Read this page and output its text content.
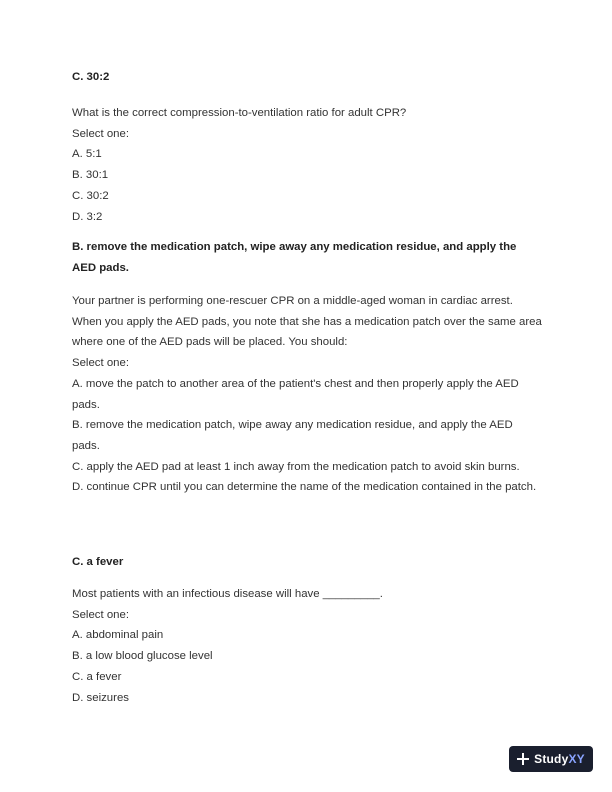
C. 30:2

What is the correct compression-to-ventilation ratio for adult CPR?

Select one:

A. 5:1

B. 30:1

C. 30:2

D. 3:2

B. remove the medication patch, wipe away any medication residue, and apply the AED pads.

Your partner is performing one-rescuer CPR on a middle-aged woman in cardiac arrest. When you apply the AED pads, you note that she has a medication patch over the same area where one of the AED pads will be placed. You should:

Select one:

A. move the patch to another area of the patient's chest and then properly apply the AED pads.

B. remove the medication patch, wipe away any medication residue, and apply the AED pads.

C. apply the AED pad at least 1 inch away from the medication patch to avoid skin burns.

D. continue CPR until you can determine the name of the medication contained in the patch.

C. a fever

Most patients with an infectious disease will have _________.

Select one:

A. abdominal pain

B. a low blood glucose level

C. a fever

D. seizures

StudyXY
